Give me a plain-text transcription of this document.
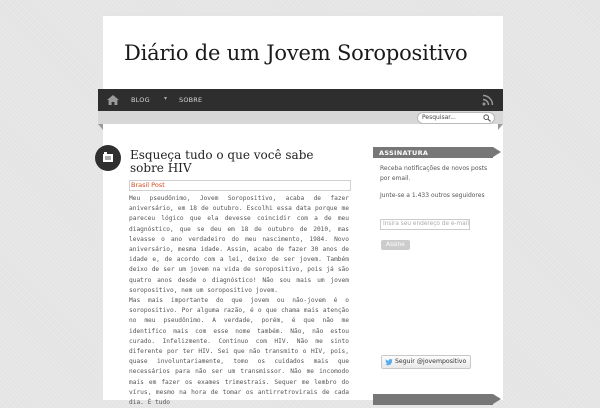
Diário de um Jovem Soropositivo
BLOG ▾ SOBRE
Pesquisar...
Esqueça tudo o que você sabe sobre HIV
Brasil Post

Meu pseudônimo, Jovem Soropositivo, acaba de fazer aniversário, em 18 de outubro. Escolhi essa data porque me pareceu lógico que ela devesse coincidir com a de meu diagnóstico, que se deu em 18 de outubro de 2010, mas levasse o ano verdadeiro do meu nascimento, 1984. Novo aniversário, mesma idade. Assim, acabo de fazer 30 anos de idade e, de acordo com a lei, deixo de ser jovem. Também deixo de ser um jovem na vida de soropositivo, pois já são quatro anos desde o diagnóstico! Não sou mais um jovem soropositivo, nem um soropositivo jovem.

Mas mais importante do que jovem ou não-jovem é o soropositivo. Por alguma razão, é o que chama mais atenção no meu pseudônimo. A verdade, porém, é que não me identifico mais com esse nome também. Não, não estou curado. Infelizmente. Continuo com HIV. Não me sinto diferente por ter HIV. Sei que não transmito o HIV, pois, quase involuntariamente, tomo os cuidados mais que necessários para não ser um transmissor. Não me incomodo mais em fazer os exames trimestrais. Sequer me lembro do vírus, mesmo na hora de tomar os antirretrovirais de cada dia. É tudo

ASSINATURA
Receba notificações de novos posts por email.
Junte-se a 1.433 outros seguidores
Insira seu endereço de e-mail
Assine
Seguir @jovempositivo
